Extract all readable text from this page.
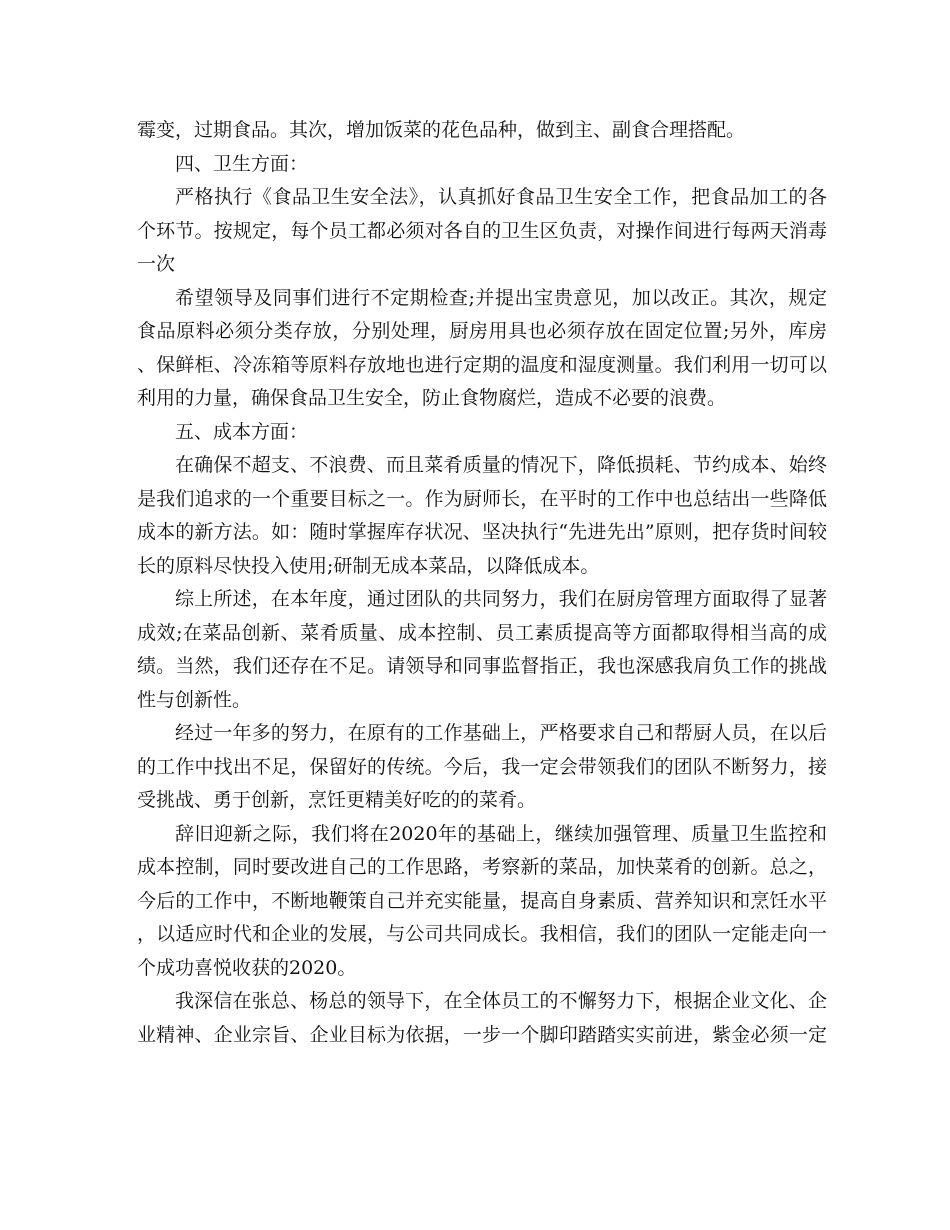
霉变，过期食品。其次，增加饭菜的花色品种，做到主、副食合理搭配。

四、卫生方面：

严格执行《食品卫生安全法》，认真抓好食品卫生安全工作，把食品加工的各个环节。按规定，每个员工都必须对各自的卫生区负责，对操作间进行每两天消毒一次

希望领导及同事们进行不定期检查;并提出宝贵意见，加以改正。其次，规定食品原料必须分类存放，分别处理，厨房用具也必须存放在固定位置;另外，库房、保鲜柜、冷冻箱等原料存放地也进行定期的温度和湿度测量。我们利用一切可以利用的力量，确保食品卫生安全，防止食物腐烂，造成不必要的浪费。

五、成本方面：

在确保不超支、不浪费、而且菜肴质量的情况下，降低损耗、节约成本、始终是我们追求的一个重要目标之一。作为厨师长，在平时的工作中也总结出一些降低成本的新方法。如：随时掌握库存状况、坚决执行“先进先出”原则，把存货时间较长的原料尽快投入使用;研制无成本菜品，以降低成本。

综上所述，在本年度，通过团队的共同努力，我们在厨房管理方面取得了显著成效;在菜品创新、菜肴质量、成本控制、员工素质提高等方面都取得相当高的成绩。当然，我们还存在不足。请领导和同事监督指正，我也深感我肩负工作的挑战性与创新性。

经过一年多的努力，在原有的工作基础上，严格要求自己和帮厨人员，在以后的工作中找出不足，保留好的传统。今后，我一定会带领我们的团队不断努力，接受挑战、勇于创新，烹饪更精美好吃的的菜肴。

辞旧迎新之际，我们将在2020年的基础上，继续加强管理、质量卫生监控和成本控制，同时要改进自己的工作思路，考察新的菜品，加快菜肴的创新。总之，今后的工作中，不断地鞭策自己并充实能量，提高自身素质、营养知识和烹饪水平，以适应时代和企业的发展，与公司共同成长。我相信，我们的团队一定能走向一个成功喜悦收获的2020。

我深信在张总、杨总的领导下，在全体员工的不懈努力下，根据企业文化、企业精神、企业宗旨、企业目标为依据，一步一个脚印踏踏实实前进，紫金必须一定
